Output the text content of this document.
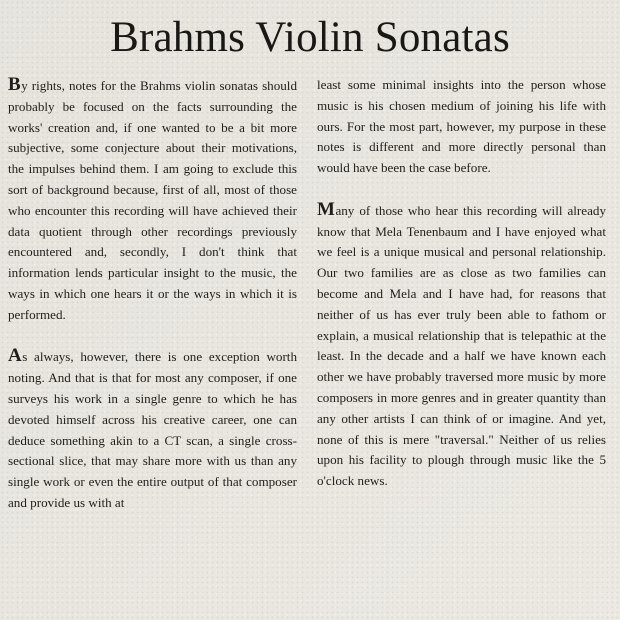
Brahms Violin Sonatas

By rights, notes for the Brahms violin sonatas should probably be focused on the facts surrounding the works' creation and, if one wanted to be a bit more subjective, some conjecture about their motivations, the impulses behind them. I am going to exclude this sort of background because, first of all, most of those who encounter this recording will have achieved their data quotient through other recordings previously encountered and, secondly, I don't think that information lends particular insight to the music, the ways in which one hears it or the ways in which it is performed.

As always, however, there is one exception worth noting. And that is that for most any composer, if one surveys his work in a single genre to which he has devoted himself across his creative career, one can deduce something akin to a CT scan, a single cross-sectional slice, that may share more with us than any single work or even the entire output of that composer and provide us with at

least some minimal insights into the person whose music is his chosen medium of joining his life with ours. For the most part, however, my purpose in these notes is different and more directly personal than would have been the case before.

Many of those who hear this recording will already know that Mela Tenenbaum and I have enjoyed what we feel is a unique musical and personal relationship. Our two families are as close as two families can become and Mela and I have had, for reasons that neither of us has ever truly been able to fathom or explain, a musical relationship that is telepathic at the least. In the decade and a half we have known each other we have probably traversed more music by more composers in more genres and in greater quantity than any other artists I can think of or imagine. And yet, none of this is mere "traversal." Neither of us relies upon his facility to plough through music like the 5 o'clock news.
